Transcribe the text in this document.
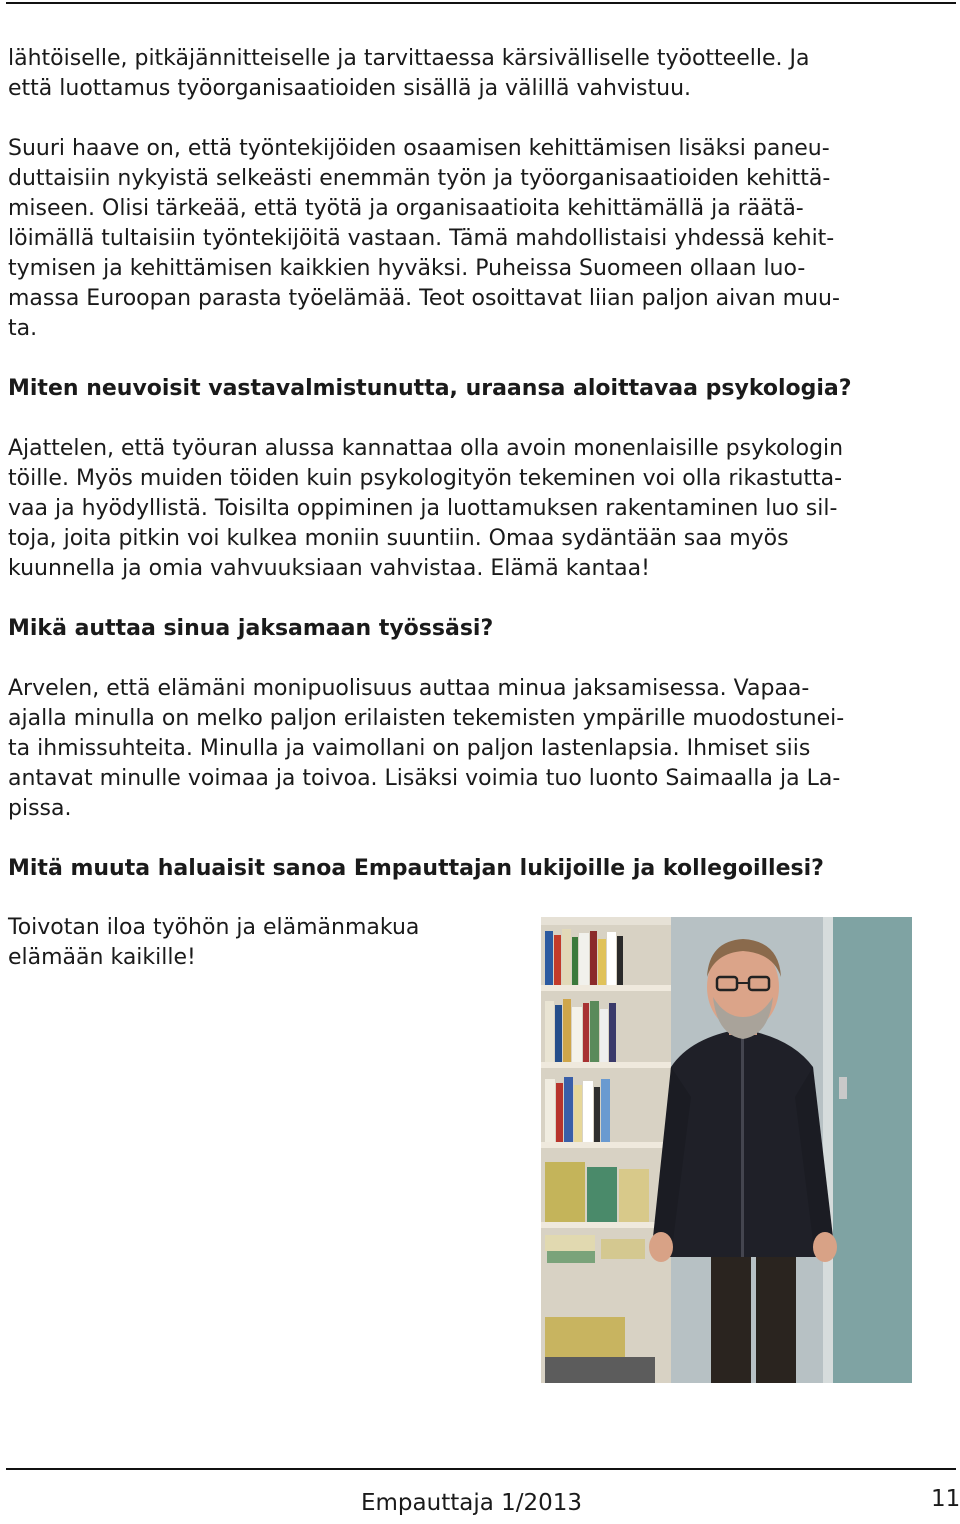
lähtöiselle, pitkäjännitteiselle ja tarvittaessa kärsivälliselle työotteelle. Ja
että luottamus työorganisaatioiden sisällä ja välillä vahvistuu.
Suuri haave on, että työntekijöiden osaamisen kehittämisen lisäksi paneu-
duttaisiin nykyistä selkeästi enemmän työn ja työorganisaatioiden kehittä-
miseen. Olisi tärkeää, että työtä ja organisaatioita kehittämällä ja räätä-
löimällä tultaisiin työntekijöitä vastaan. Tämä mahdollistaisi yhdessä kehit-
tymisen ja kehittämisen kaikkien hyväksi. Puheissa Suomeen ollaan luo-
massa Euroopan parasta työelämää. Teot osoittavat liian paljon aivan muu-
ta.
Miten neuvoisit vastavalmistunutta, uraansa aloittavaa psykologia?
Ajattelen, että työuran alussa kannattaa olla avoin monenlaisille psykologin
töille. Myös muiden töiden kuin psykologityön tekeminen voi olla rikastutta-
vaa ja hyödyllistä. Toisilta oppiminen ja luottamuksen rakentaminen luo sil-
toja, joita pitkin voi kulkea moniin suuntiin. Omaa sydäntään saa myös
kuunnella ja omia vahvuuksiaan vahvistaa. Elämä kantaa!
Mikä auttaa sinua jaksamaan työssäsi?
Arvelen, että elämäni monipuolisuus auttaa minua jaksamisessa. Vapaa-
ajalla minulla on melko paljon erilaisten tekemisten ympärille muodostunei-
ta ihmissuhteita. Minulla ja vaimollani on paljon lastenlapsia. Ihmiset siis
antavat minulle voimaa ja toivoa. Lisäksi voimia tuo luonto Saimaalla ja La-
pissa.
Mitä muuta haluaisit sanoa Empauttajan lukijoille ja kollegoillesi?
Toivotan iloa työhön ja elämänmakua
elämään kaikille!
Empauttaja 1/2013	11
